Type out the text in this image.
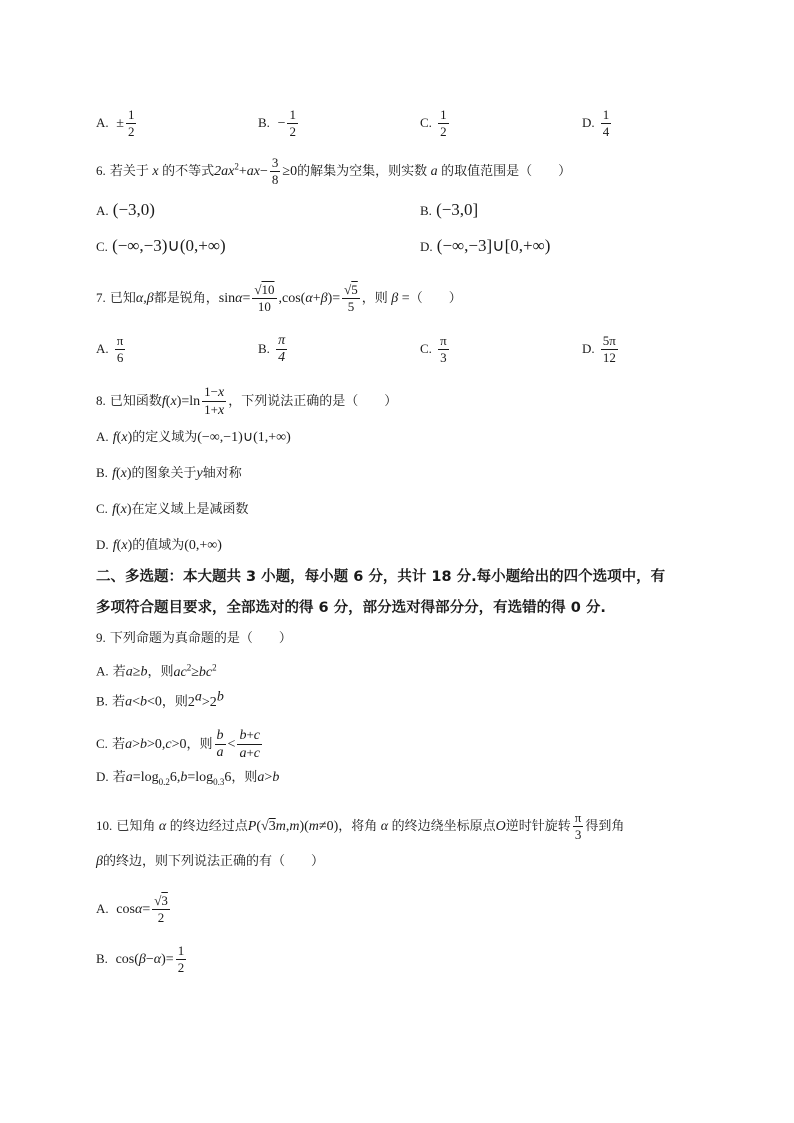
A.  ± $\frac{1}{2}$	B.  − $\frac{1}{2}$	C. $\frac{1}{2}$	D. $\frac{1}{4}$
6. 若关于 x 的不等式$2ax^2+ax- \frac{3}{8} \ge 0$的解集为空集，则实数 a 的取值范围是（　　）
A. (−3,0)	B. (−3,0]
C. (−∞,−3)∪(0,+∞)	D. (−∞,−3]∪[0,+∞)
7. 已知α,β都是锐角，$\sin\alpha= \frac{√10}{10} ,\cos(\alpha+\beta)= \frac{√5}{5}$ ，则 β =（　　）
A. $\frac{\pi}{6}$	B. $\frac{\pi}{4}$	C. $\frac{\pi}{3}$	D. $\frac{5\pi}{12}$
8. 已知函数$f(x)=\ln \frac{1-x}{1+x}$ ，下列说法正确的是（　　）
A. f(x)的定义域为(−∞,−1)∪(1,+∞)
B. f(x)的图象关于y轴对称
C. f(x)在定义域上是减函数
D. f(x)的值域为(0,+∞)
二、多选题：本大题共 3 小题，每小题 6 分，共计 18 分.每小题给出的四个选项中，有
多项符合题目要求，全部选对的得 6 分，部分选对得部分分，有选错的得 0 分.
9. 下列命题为真命题的是（　　）
A. 若a≥b，则$ac^2\ge bc^2$
B. 若a<b<0，则$2^a>2^b$
C. 若a>b>0,c>0，则 $\frac{b}{a} < \frac{b+c}{a+c}$
D. 若$a=\log_{0.2}6,b=\log_{0.3}6$，则a>b
10. 已知角 α 的终边经过点P(√3m,m)(m≠0)，将角 α 的终边绕坐标原点O逆时针旋转 $\frac{\pi}{3}$ 得到角
β的终边，则下列说法正确的有（　　）
A.  $\cos\alpha= \frac{√3}{2}$
B.  $\cos(\beta-\alpha)= \frac{1}{2}$
